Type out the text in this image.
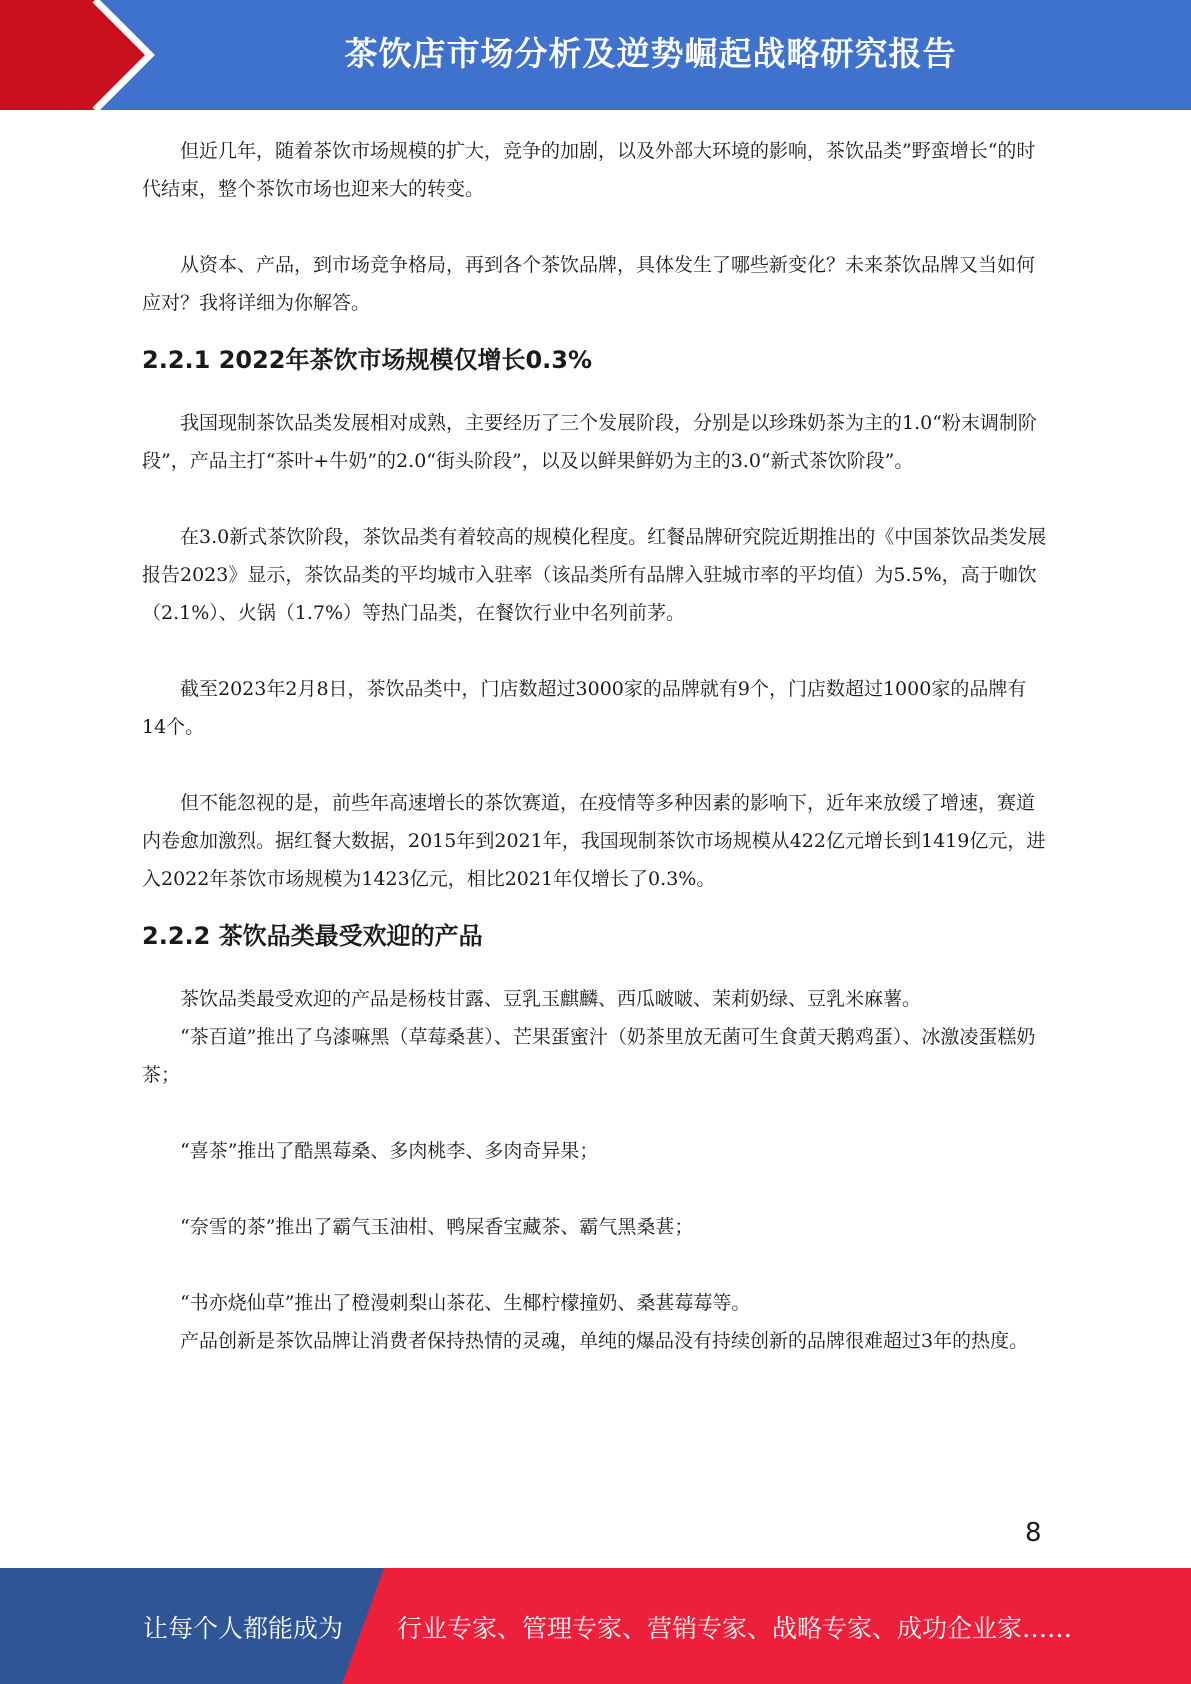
茶饮店市场分析及逆势崛起战略研究报告

但近几年，随着茶饮市场规模的扩大，竞争的加剧，以及外部大环境的影响，茶饮品类”野蛮增长“的时代结束，整个茶饮市场也迎来大的转变。

从资本、产品，到市场竞争格局，再到各个茶饮品牌，具体发生了哪些新变化？未来茶饮品牌又当如何应对？我将详细为你解答。

2.2.1 2022年茶饮市场规模仅增长0.3%

我国现制茶饮品类发展相对成熟，主要经历了三个发展阶段，分别是以珍珠奶茶为主的1.0“粉末调制阶段”，产品主打“茶叶+牛奶”的2.0“街头阶段”，以及以鲜果鲜奶为主的3.0“新式茶饮阶段”。

在3.0新式茶饮阶段，茶饮品类有着较高的规模化程度。红餐品牌研究院近期推出的《中国茶饮品类发展报告2023》显示，茶饮品类的平均城市入驻率（该品类所有品牌入驻城市率的平均值）为5.5%，高于咖饮（2.1%）、火锅（1.7%）等热门品类，在餐饮行业中名列前茅。

截至2023年2月8日，茶饮品类中，门店数超过3000家的品牌就有9个，门店数超过1000家的品牌有14个。

但不能忽视的是，前些年高速增长的茶饮赛道，在疫情等多种因素的影响下，近年来放缓了增速，赛道内卷愈加激烈。据红餐大数据，2015年到2021年，我国现制茶饮市场规模从422亿元增长到1419亿元，进入2022年茶饮市场规模为1423亿元，相比2021年仅增长了0.3%。

2.2.2 茶饮品类最受欢迎的产品

茶饮品类最受欢迎的产品是杨枝甘露、豆乳玉麒麟、西瓜啵啵、茉莉奶绿、豆乳米麻薯。

“茶百道”推出了乌漆嘛黑（草莓桑葚）、芒果蛋蜜汁（奶茶里放无菌可生食黄天鹅鸡蛋）、冰激凌蛋糕奶茶；

“喜茶”推出了酷黑莓桑、多肉桃李、多肉奇异果；

“奈雪的茶”推出了霸气玉油柑、鸭屎香宝藏茶、霸气黑桑葚；

“书亦烧仙草”推出了橙漫刺梨山茶花、生椰柠檬撞奶、桑葚莓莓等。

产品创新是茶饮品牌让消费者保持热情的灵魂，单纯的爆品没有持续创新的品牌很难超过3年的热度。

8
让每个人都能成为 行业专家、管理专家、营销专家、战略专家、成功企业家……
